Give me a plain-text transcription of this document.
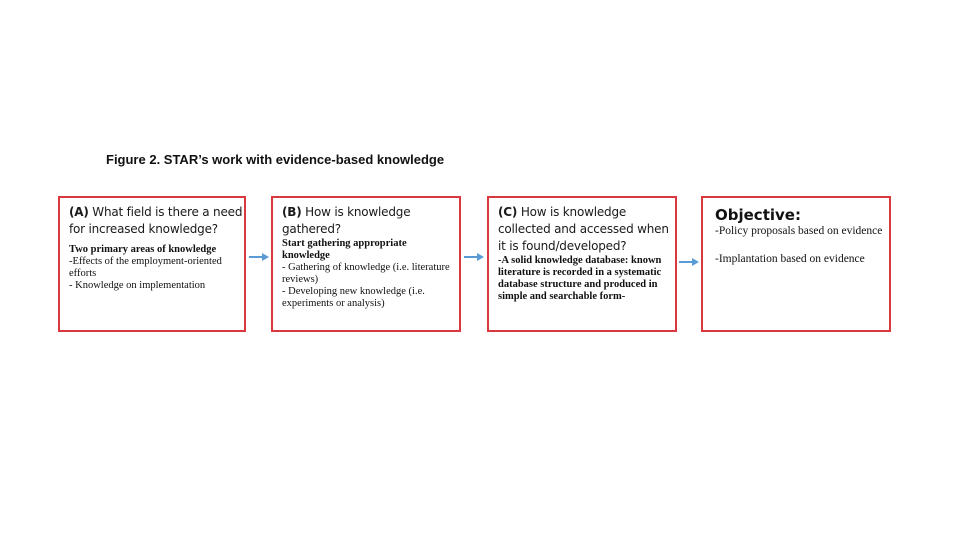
Figure 2. STAR’s work with evidence-based knowledge
(A) What field is there a need for increased knowledge?
Two primary areas of knowledge
-Effects of the employment-oriented efforts
- Knowledge on implementation
(B) How is knowledge gathered?
Start gathering appropriate knowledge
- Gathering of knowledge (i.e. literature reviews)
- Developing new knowledge (i.e. experiments or analysis)
(C) How is knowledge collected and accessed when it is found/developed?
-A solid knowledge database: known literature is recorded in a systematic database structure and produced in simple and searchable form-
Objective:
-Policy proposals based on evidence
-Implantation based on evidence
